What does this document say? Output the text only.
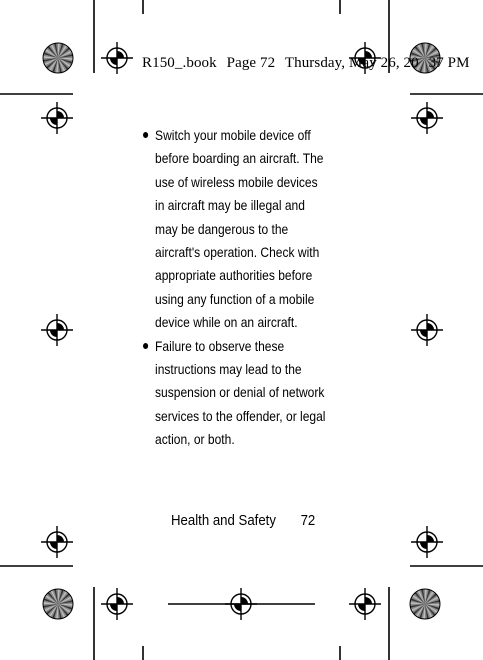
R150_.book Page 72 Thursday, May 26, 20 37 PM
Switch your mobile device off
before boarding an aircraft. The
use of wireless mobile devices
in aircraft may be illegal and
may be dangerous to the
aircraft's operation. Check with
appropriate authorities before
using any function of a mobile
device while on an aircraft.
Failure to observe these
instructions may lead to the
suspension or denial of network
services to the offender, or legal
action, or both.
Health and Safety 72
